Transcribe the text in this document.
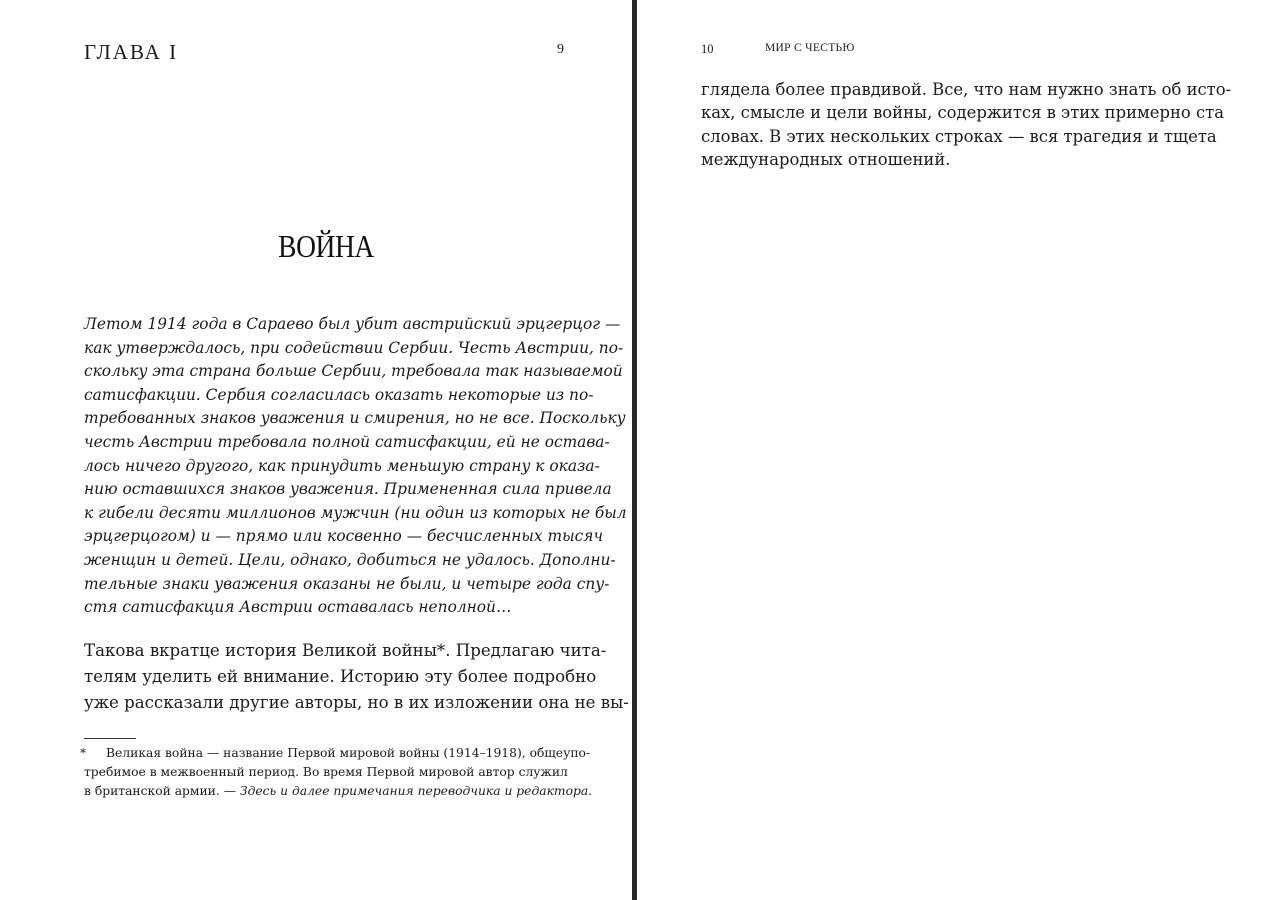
ГЛАВА I	9
ВОЙНА
Летом 1914 года в Сараево был убит австрийский эрцгерцог —
как утверждалось, при содействии Сербии. Честь Австрии, по-
скольку эта страна больше Сербии, требовала так называемой
сатисфакции. Сербия согласилась оказать некоторые из по-
требованных знаков уважения и смирения, но не все. Поскольку
честь Австрии требовала полной сатисфакции, ей не остава-
лось ничего другого, как принудить меньшую страну к оказа-
нию оставшихся знаков уважения. Примененная сила привела
к гибели десяти миллионов мужчин (ни один из которых не был
эрцгерцогом) и — прямо или косвенно — бесчисленных тысяч
женщин и детей. Цели, однако, добиться не удалось. Дополни-
тельные знаки уважения оказаны не были, и четыре года спу-
стя сатисфакция Австрии оставалась неполной…
Такова вкратце история Великой войны*. Предлагаю чита-
телям уделить ей внимание. Историю эту более подробно
уже рассказали другие авторы, но в их изложении она не вы-
* Великая война — название Первой мировой войны (1914–1918), общеупо-
требимое в межвоенный период. Во время Первой мировой автор служил
в британской армии. — Здесь и далее примечания переводчика и редактора.
10	МИР С ЧЕСТЬЮ
глядела более правдивой. Все, что нам нужно знать об исто-
ках, смысле и цели войны, содержится в этих примерно ста
словах. В этих нескольких строках — вся трагедия и тщета
международных отношений.
